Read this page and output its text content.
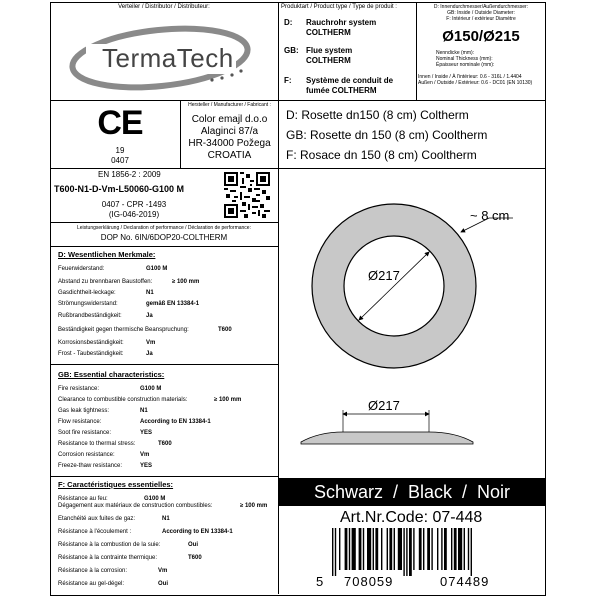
Verteiler / Distributor / Distributeur:
TermaTech
Produktart / Product type / Type de produit :
D: Rauchrohr system
COLTHERM
GB: Flue system
COLTHERM
F: Système de conduit de
fumée COLTHERM
D: Innendurchmesser/Außendurchmesser:
GB: Inside / Outside Diameter:
F: Intérieur / extérieur Diamètre
Ø150/Ø215
Nenndicke (mm):
Nominal Thickness (mm):
Épaisseur nominale (mm):
Innen / Inside / À l'intérieur: 0.6 - 316L / 1.4404
Außen / Outside / Extérieur: 0.6 - DC01 (EN 10130)
CE
19
0407
Hersteller / Manufacturer / Fabricant :
Color emajl d.o.o
Alaginci 87/a
HR-34000 Požega
CROATIA
D: Rosette dn150 (8 cm) Coltherm
GB: Rosette dn 150 (8 cm) Cooltherm
F: Rosace dn 150 (8 cm) Cooltherm
EN 1856-2 : 2009
T600-N1-D-Vm-L50060-G100 M
0407 - CPR -1493
(IG-046-2019)
Leistungserklärung / Declaration of performance / Déclaration de performance:
DOP No. 6IN/6DOP20-COLTHERM
D: Wesentlichen Merkmale:
Feuerwiderstand:	G100 M
Abstand zu brennbaren Baustoffen:	≥ 100 mm
Gasdichtheit-leckage:	N1
Strömungswiderstand:	gemäß EN 13384-1
Rußbrandbeständigkeit:	Ja
Beständigkeit gegen thermische Beanspruchung:	T600
Korrosionsbeständigkeit:	Vm
Frost - Taubeständigkeit:	Ja
GB: Essential characteristics:
Fire resistance:	G100 M
Clearance to combustible construction materials:	≥ 100 mm
Gas leak tightness:	N1
Flow resistance:	According to EN 13384-1
Soot fire resistance:	YES
Resistance to thermal stress:	T600
Corrosion resistance:	Vm
Freeze-thaw resistance:	YES
F: Caractéristiques essentielles:
Résistance au feu:	G100 M
Dégagement aux matériaux de construction combustibles:	≥ 100 mm
Etanchéité aux fuites de gaz:	N1
Résistance à l'écoulement :	According to EN 13384-1
Résistance à la combustion de la suie:	Oui
Résistance à la contrainte thermique:	T600
Résistance à la corrosion:	Vm
Résistance au gel-dégel:	Oui
~ 8 cm
Ø217
Ø217
Schwarz  /  Black  /  Noir
Art.Nr.Code: 07-448
5 708059	074489
